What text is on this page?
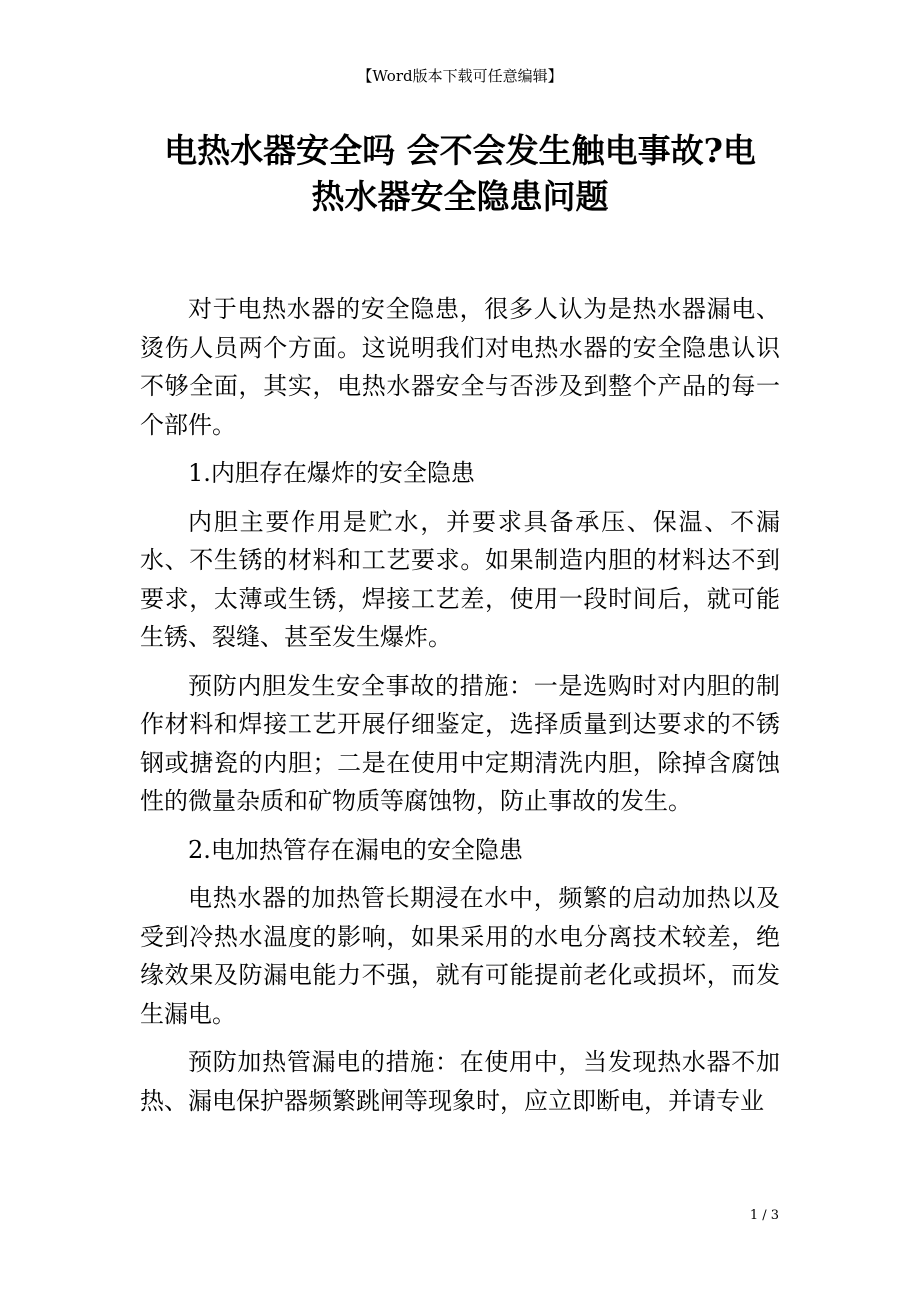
【Word版本下载可任意编辑】
电热水器安全吗 会不会发生触电事故?电
热水器安全隐患问题

对于电热水器的安全隐患，很多人认为是热水器漏电、烫伤人员两个方面。这说明我们对电热水器的安全隐患认识不够全面，其实，电热水器安全与否涉及到整个产品的每一个部件。

1.内胆存在爆炸的安全隐患

内胆主要作用是贮水，并要求具备承压、保温、不漏水、不生锈的材料和工艺要求。如果制造内胆的材料达不到要求，太薄或生锈，焊接工艺差，使用一段时间后，就可能生锈、裂缝、甚至发生爆炸。

预防内胆发生安全事故的措施：一是选购时对内胆的制作材料和焊接工艺开展仔细鉴定，选择质量到达要求的不锈钢或搪瓷的内胆；二是在使用中定期清洗内胆，除掉含腐蚀性的微量杂质和矿物质等腐蚀物，防止事故的发生。

2.电加热管存在漏电的安全隐患

电热水器的加热管长期浸在水中，频繁的启动加热以及受到冷热水温度的影响，如果采用的水电分离技术较差，绝缘效果及防漏电能力不强，就有可能提前老化或损坏，而发生漏电。

预防加热管漏电的措施：在使用中，当发现热水器不加热、漏电保护器频繁跳闸等现象时，应立即断电，并请专业

1 / 3
